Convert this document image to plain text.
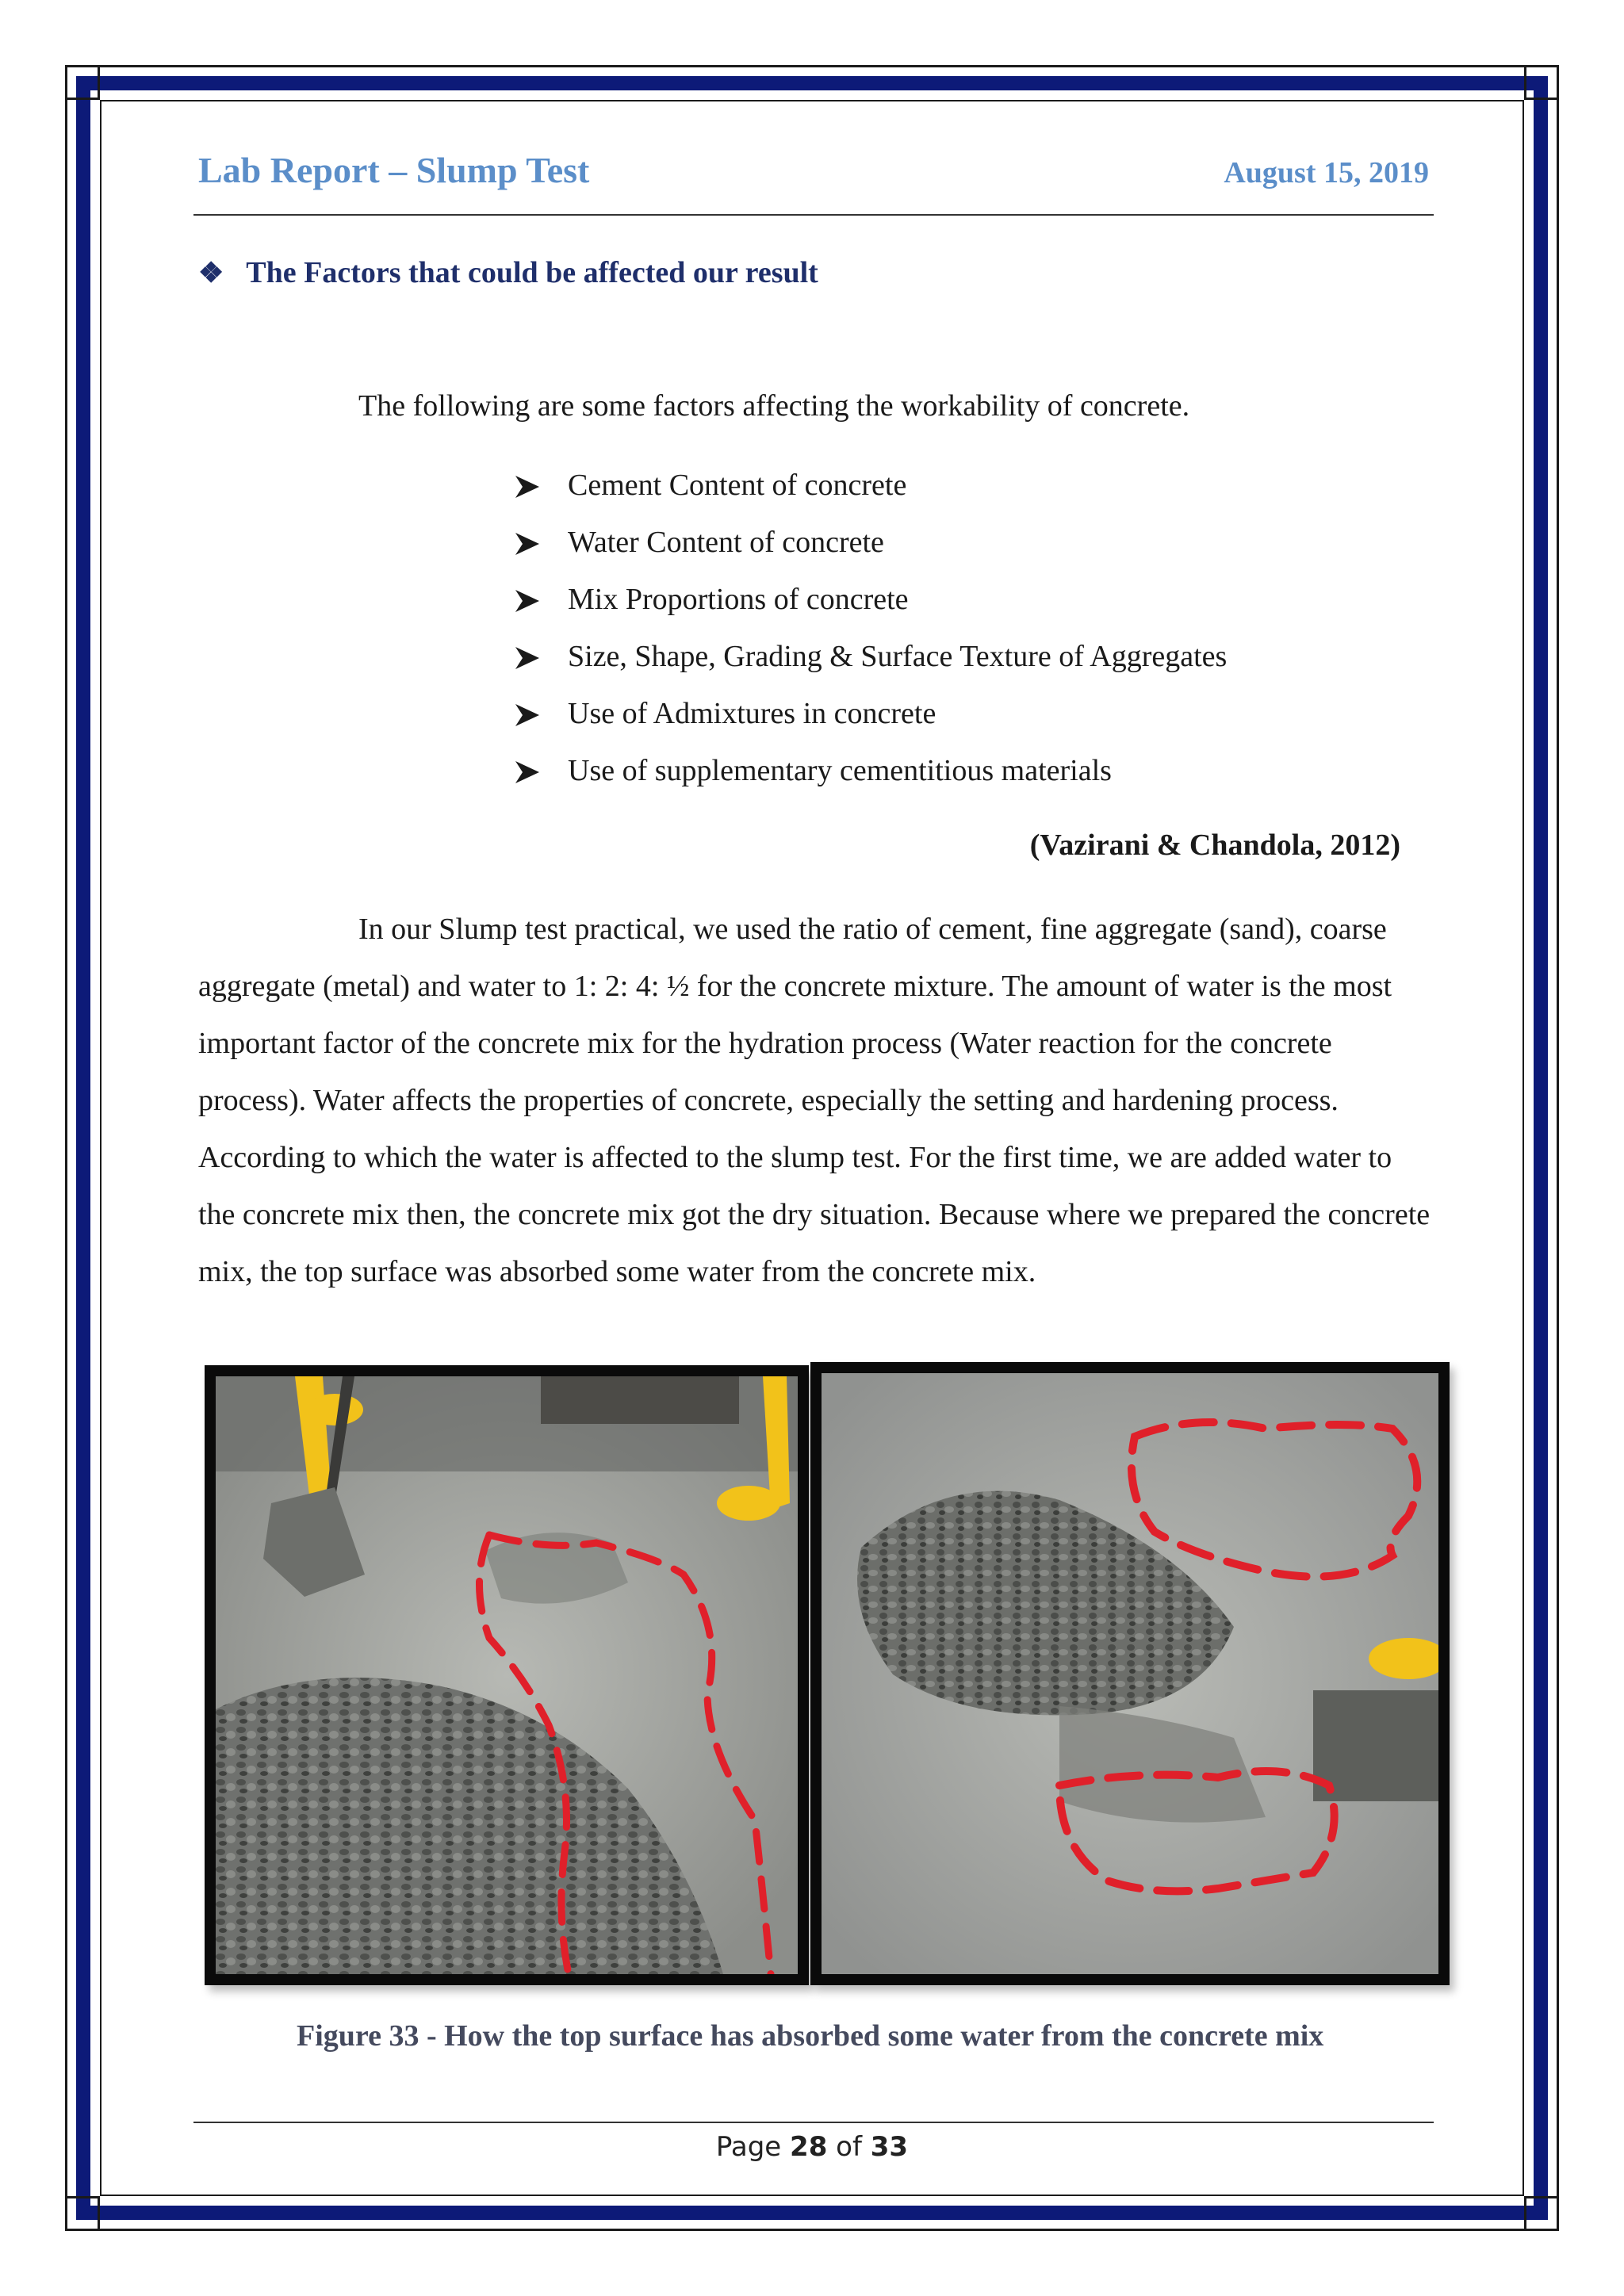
Lab Report – Slump Test	August 15, 2019
❖ The Factors that could be affected our result
The following are some factors affecting the workability of concrete.
Cement Content of concrete
Water Content of concrete
Mix Proportions of concrete
Size, Shape, Grading & Surface Texture of Aggregates
Use of Admixtures in concrete
Use of supplementary cementitious materials
(Vazirani & Chandola, 2012)

In our Slump test practical, we used the ratio of cement, fine aggregate (sand), coarse aggregate (metal) and water to 1: 2: 4: ½ for the concrete mixture. The amount of water is the most important factor of the concrete mix for the hydration process (Water reaction for the concrete process). Water affects the properties of concrete, especially the setting and hardening process. According to which the water is affected to the slump test. For the first time, we are added water to the concrete mix then, the concrete mix got the dry situation. Because where we prepared the concrete mix, the top surface was absorbed some water from the concrete mix.

Figure 33 - How the top surface has absorbed some water from the concrete mix
Page 28 of 33
